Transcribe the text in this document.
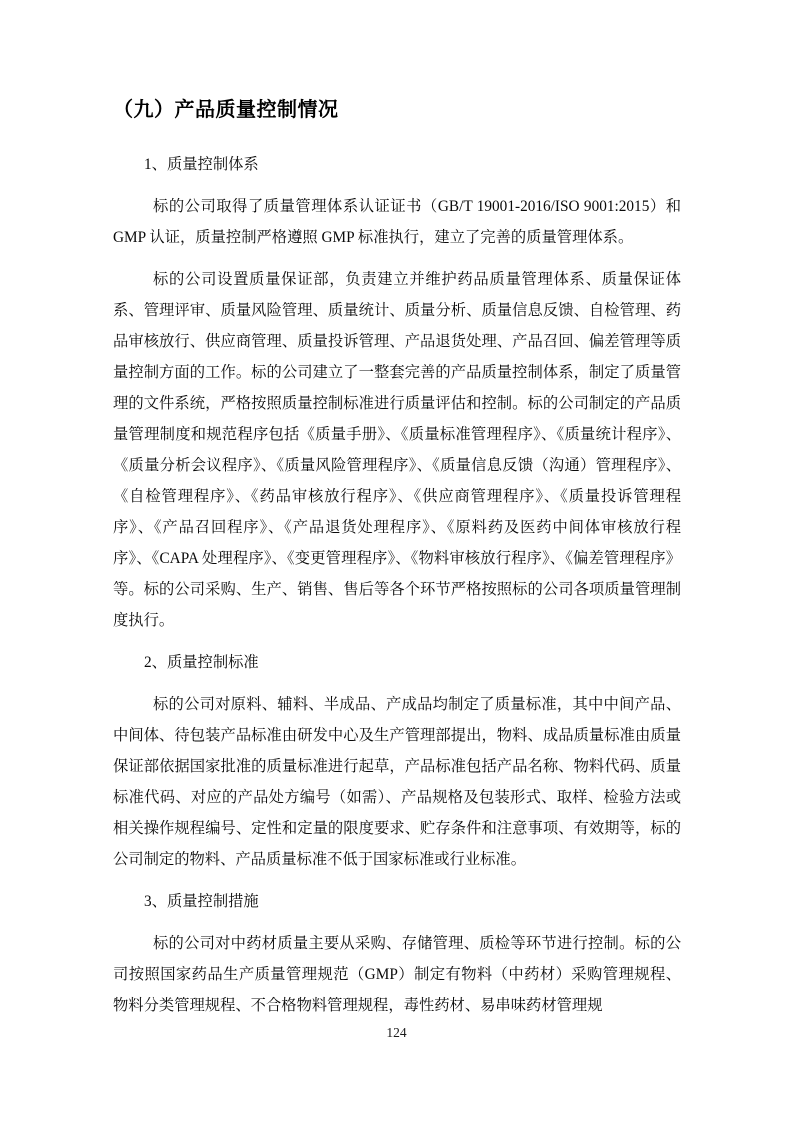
（九）产品质量控制情况
1、质量控制体系

标的公司取得了质量管理体系认证证书（GB/T 19001-2016/ISO 9001:2015）和 GMP 认证，质量控制严格遵照 GMP 标准执行，建立了完善的质量管理体系。

标的公司设置质量保证部，负责建立并维护药品质量管理体系、质量保证体系、管理评审、质量风险管理、质量统计、质量分析、质量信息反馈、自检管理、药品审核放行、供应商管理、质量投诉管理、产品退货处理、产品召回、偏差管理等质量控制方面的工作。标的公司建立了一整套完善的产品质量控制体系，制定了质量管理的文件系统，严格按照质量控制标准进行质量评估和控制。标的公司制定的产品质量管理制度和规范程序包括《质量手册》、《质量标准管理程序》、《质量统计程序》、《质量分析会议程序》、《质量风险管理程序》、《质量信息反馈（沟通）管理程序》、《自检管理程序》、《药品审核放行程序》、《供应商管理程序》、《质量投诉管理程序》、《产品召回程序》、《产品退货处理程序》、《原料药及医药中间体审核放行程序》、《CAPA 处理程序》、《变更管理程序》、《物料审核放行程序》、《偏差管理程序》等。标的公司采购、生产、销售、售后等各个环节严格按照标的公司各项质量管理制度执行。

2、质量控制标准

标的公司对原料、辅料、半成品、产成品均制定了质量标准，其中中间产品、中间体、待包装产品标准由研发中心及生产管理部提出，物料、成品质量标准由质量保证部依据国家批准的质量标准进行起草，产品标准包括产品名称、物料代码、质量标准代码、对应的产品处方编号（如需）、产品规格及包装形式、取样、检验方法或相关操作规程编号、定性和定量的限度要求、贮存条件和注意事项、有效期等，标的公司制定的物料、产品质量标准不低于国家标准或行业标准。

3、质量控制措施

标的公司对中药材质量主要从采购、存储管理、质检等环节进行控制。标的公司按照国家药品生产质量管理规范（GMP）制定有物料（中药材）采购管理规程、物料分类管理规程、不合格物料管理规程，毒性药材、易串味药材管理规

124
